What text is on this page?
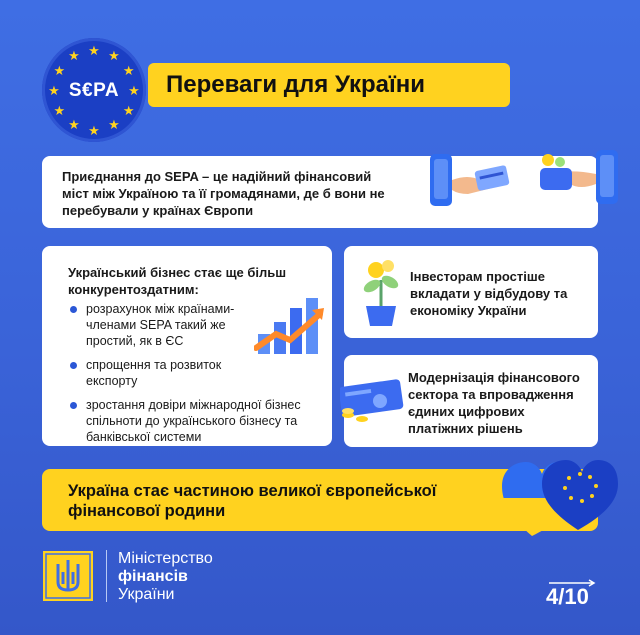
S€PA
★ ★
★
★
★
★
★
★
★
★
★
★
Переваги для України
Приєднання до SEPA – це надійний фінансовий міст між Україною та її громадянами, де б вони не перебували у країнах Європи
Український бізнес стає ще більш конкурентоздатним:
розрахунок між країнами-членами SEPA такий же простий, як в ЄС
спрощення та розвиток експорту
зростання довіри міжнародної бізнес спільноти до українського бізнесу та банківської системи
Інвесторам простіше вкладати у відбудову та економіку України
Модернізація фінансового сектора та впровадження єдиних цифрових платіжних рішень
Україна стає частиною великої європейської фінансової родини
Міністерство
фінансів
України	4/10
